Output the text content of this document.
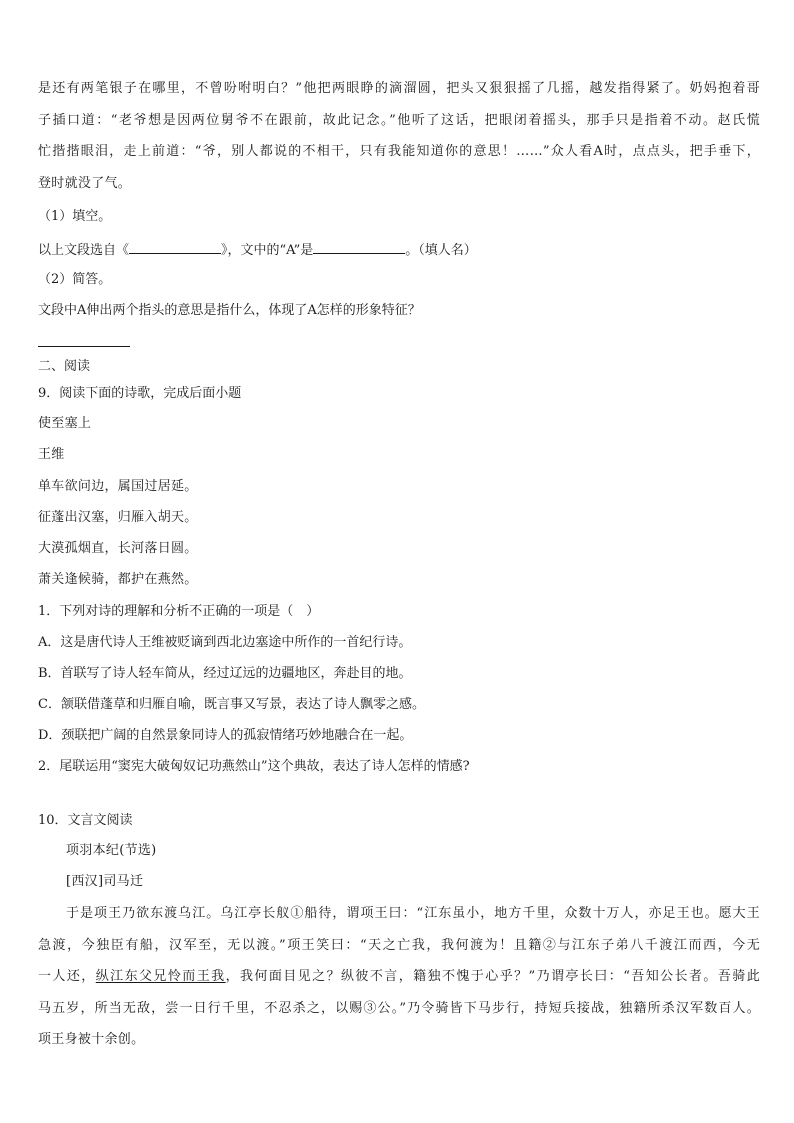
是还有两笔银子在哪里，不曾吩咐明白？”他把两眼睁的滴溜圆，把头又狠狠摇了几摇，越发指得紧了。奶妈抱着哥
子插口道：“老爷想是因两位舅爷不在跟前，故此记念。”他听了这话，把眼闭着摇头，那手只是指着不动。赵氏慌
忙揩揩眼泪，走上前道：“爷，别人都说的不相干，只有我能知道你的意思！……”众人看A时，点点头，把手垂下，
登时就没了气。
（1）填空。
以上文段选自《	》，文中的“A”是	。（填人名）
（2）简答。
文段中A伸出两个指头的意思是指什么，体现了A怎样的形象特征？
二、阅读
9．阅读下面的诗歌，完成后面小题
使至塞上
王维
单车欲问边，属国过居延。
征蓬出汉塞，归雁入胡天。
大漠孤烟直，长河落日圆。
萧关逢候骑，都护在燕然。
1．下列对诗的理解和分析不正确的一项是（　）
A．这是唐代诗人王维被贬谪到西北边塞途中所作的一首纪行诗。
B．首联写了诗人轻车简从，经过辽远的边疆地区，奔赴目的地。
C．颔联借蓬草和归雁自喻，既言事又写景，表达了诗人飘零之感。
D．颈联把广阔的自然景象同诗人的孤寂情绪巧妙地融合在一起。
2．尾联运用“窦宪大破匈奴记功燕然山”这个典故，表达了诗人怎样的情感?
10．文言文阅读
项羽本纪(节选)
[西汉]司马迁
于是项王乃欲东渡乌江。乌江亭长舣①船待，谓项王曰：“江东虽小，地方千里，众数十万人，亦足王也。愿大王
急渡，今独臣有船，汉军至，无以渡。”项王笑曰：“天之亡我，我何渡为！且籍②与江东子弟八千渡江而西，今无
一人还，纵江东父兄怜而王我，我何面目见之？纵彼不言，籍独不愧于心乎？”乃谓亭长曰：“吾知公长者。吾骑此
马五岁，所当无敌，尝一日行千里，不忍杀之，以赐③公。”乃令骑皆下马步行，持短兵接战，独籍所杀汉军数百人。
项王身被十余创。
